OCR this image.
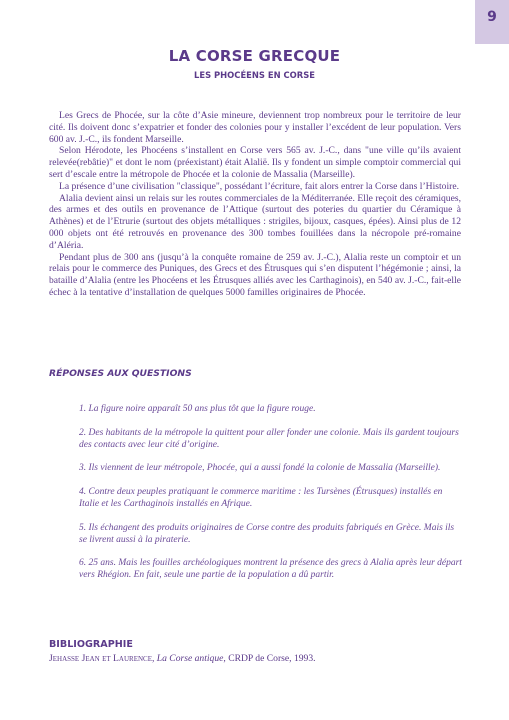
9
LA CORSE GRECQUE
LES PHOCÉENS EN CORSE

Les Grecs de Phocée, sur la côte d’Asie mineure, deviennent trop nombreux pour le territoire de leur cité. Ils doivent donc s’expatrier et fonder des colonies pour y installer l’excédent de leur population. Vers 600 av. J.-C., ils fondent Marseille.

Selon Hérodote, les Phocéens s’installent en Corse vers 565 av. J.-C., dans "une ville qu’ils avaient relevée(rebâtie)" et dont le nom (préexistant) était Alalië. Ils y fondent un simple comptoir commercial qui sert d’escale entre la métropole de Phocée et la colonie de Massalia (Marseille).

La présence d’une civilisation "classique", possédant l’écriture, fait alors entrer la Corse dans l’Histoire.

Alalia devient ainsi un relais sur les routes commerciales de la Méditerranée. Elle reçoit des céramiques, des armes et des outils en provenance de l’Attique (surtout des poteries du quartier du Céramique à Athènes) et de l’Etrurie (surtout des objets métalliques : strigiles, bijoux, casques, épées). Ainsi plus de 12 000 objets ont été retrouvés en provenance des 300 tombes fouillées dans la nécropole pré-romaine d’Aléria.

Pendant plus de 300 ans (jusqu’à la conquête romaine de 259 av. J.-C.), Alalia reste un comptoir et un relais pour le commerce des Puniques, des Grecs et des Étrusques qui s’en disputent l’hégémonie ; ainsi, la bataille d’Alalia (entre les Phocéens et les Étrusques alliés avec les Carthaginois), en 540 av. J.-C., fait-elle échec à la tentative d’installation de quelques 5000 familles originaires de Phocée.

RÉPONSES AUX QUESTIONS

1. La figure noire apparaît 50 ans plus tôt que la figure rouge.

2. Des habitants de la métropole la quittent pour aller fonder une colonie. Mais ils gardent toujours des contacts avec leur cité d’origine.

3. Ils viennent de leur métropole, Phocée, qui a aussi fondé la colonie de Massalia (Marseille).

4. Contre deux peuples pratiquant le commerce maritime : les Tursènes (Étrusques) installés en Italie et les Carthaginois installés en Afrique.

5. Ils échangent des produits originaires de Corse contre des produits fabriqués en Grèce. Mais ils se livrent aussi à la piraterie.

6. 25 ans. Mais les fouilles archéologiques montrent la présence des grecs à Alalia après leur départ vers Rhégion. En fait, seule une partie de la population a dû partir.

BIBLIOGRAPHIE
Jehasse Jean et Laurence, La Corse antique, CRDP de Corse, 1993.
